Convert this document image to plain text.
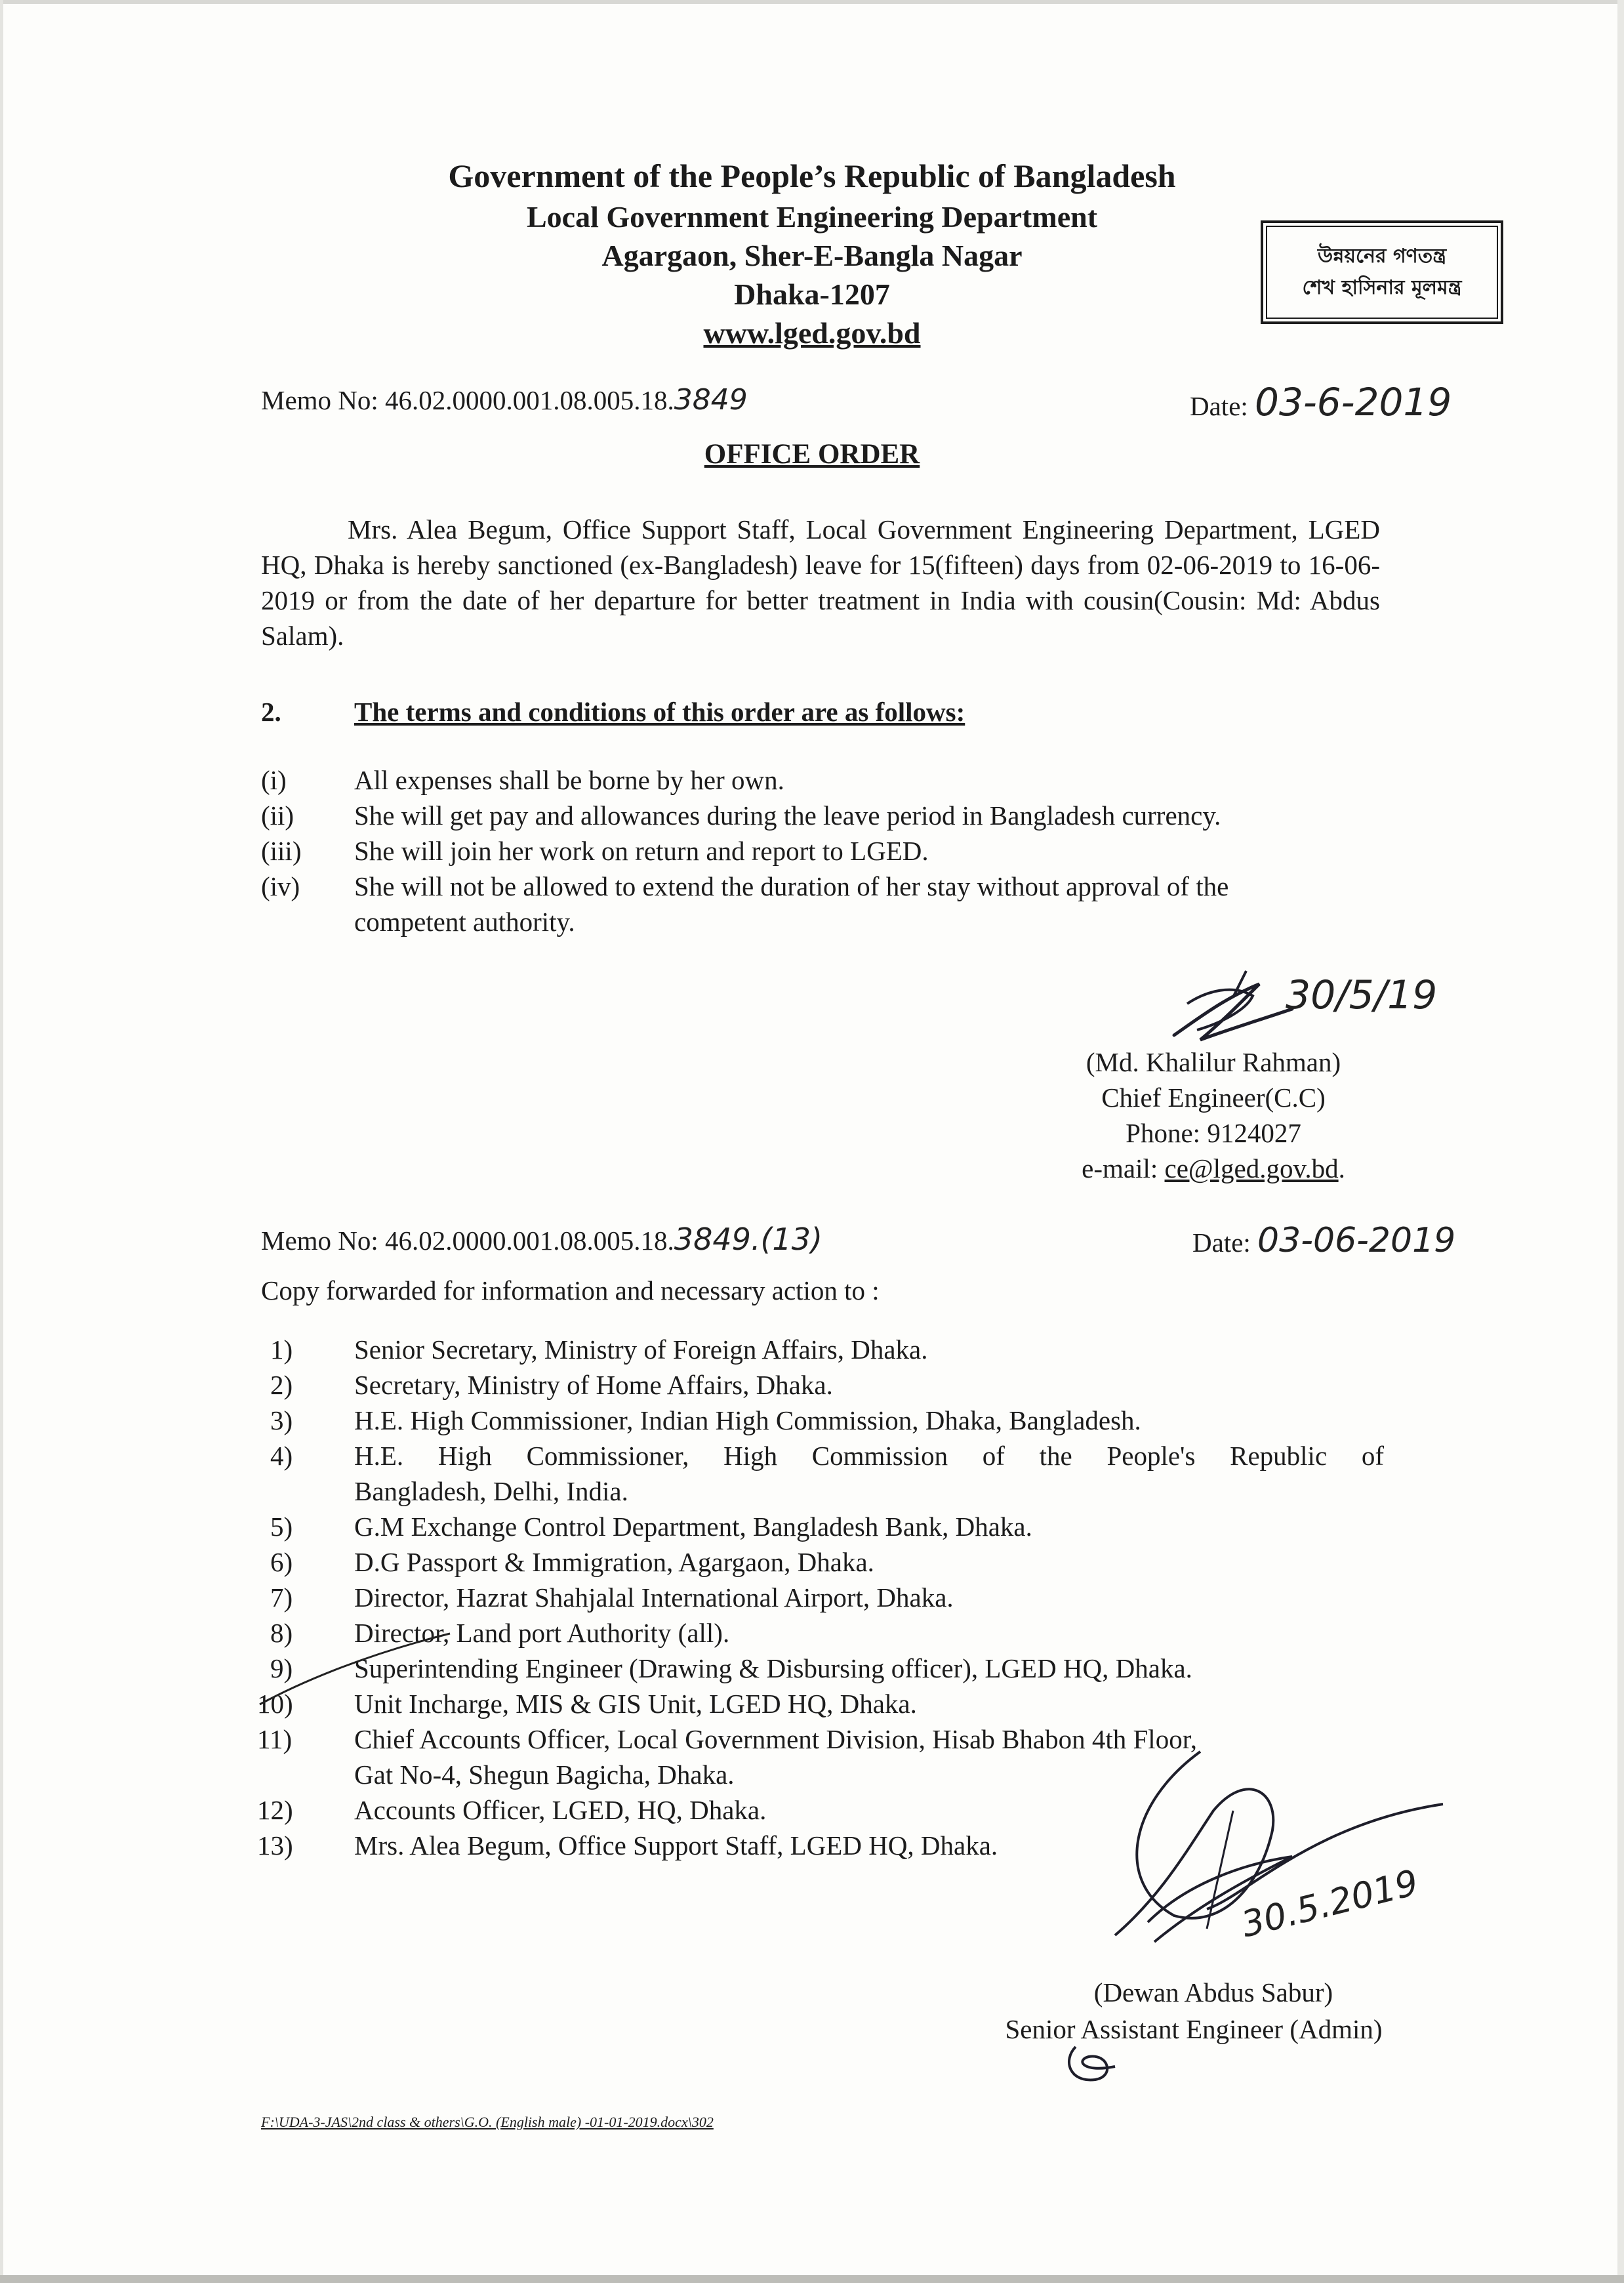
Government of the People’s Republic of Bangladesh
Local Government Engineering Department
Agargaon, Sher-E-Bangla Nagar
Dhaka-1207
www.lged.gov.bd
উন্নয়নের গণতন্ত্র
শেখ হাসিনার মূলমন্ত্র
Memo No: 46.02.0000.001.08.005.18.3849	Date: 03-6-2019
OFFICE ORDER
Mrs. Alea Begum, Office Support Staff, Local Government Engineering Department, LGED HQ, Dhaka is hereby sanctioned (ex-Bangladesh) leave for 15(fifteen) days from 02-06-2019 to 16-06-2019 or from the date of her departure for better treatment in India with cousin(Cousin: Md: Abdus Salam).
2.	The terms and conditions of this order are as follows:
(i)	All expenses shall be borne by her own.
(ii) She will get pay and allowances during the leave period in Bangladesh currency.
(iii) She will join her work on return and report to LGED.
(iv) She will not be allowed to extend the duration of her stay without approval of the
competent authority.
30/5/19
(Md. Khalilur Rahman)
Chief Engineer(C.C)
Phone: 9124027
e-mail: ce@lged.gov.bd.
Memo No: 46.02.0000.001.08.005.18.3849.(13)	Date: 03-06-2019
Copy forwarded for information and necessary action to :
1) Senior Secretary, Ministry of Foreign Affairs, Dhaka.
2) Secretary, Ministry of Home Affairs, Dhaka.
3) H.E. High Commissioner, Indian High Commission, Dhaka, Bangladesh.
4) H.E. High Commissioner, High Commission of the People's Republic of
Bangladesh, Delhi, India.
5) G.M Exchange Control Department, Bangladesh Bank, Dhaka.
6) D.G Passport & Immigration, Agargaon, Dhaka.
7) Director, Hazrat Shahjalal International Airport, Dhaka.
8) Director, Land port Authority (all).
9) Superintending Engineer (Drawing & Disbursing officer), LGED HQ, Dhaka.
10) Unit Incharge, MIS & GIS Unit, LGED HQ, Dhaka.
11) Chief Accounts Officer, Local Government Division, Hisab Bhabon 4th Floor,
Gat No-4, Shegun Bagicha, Dhaka.
12) Accounts Officer, LGED, HQ, Dhaka.
13) Mrs. Alea Begum, Office Support Staff, LGED HQ, Dhaka.
30.5.2019
(Dewan Abdus Sabur)
Senior Assistant Engineer (Admin)
F:\UDA-3-JAS\2nd class & others\G.O. (English male) -01-01-2019.docx\302
